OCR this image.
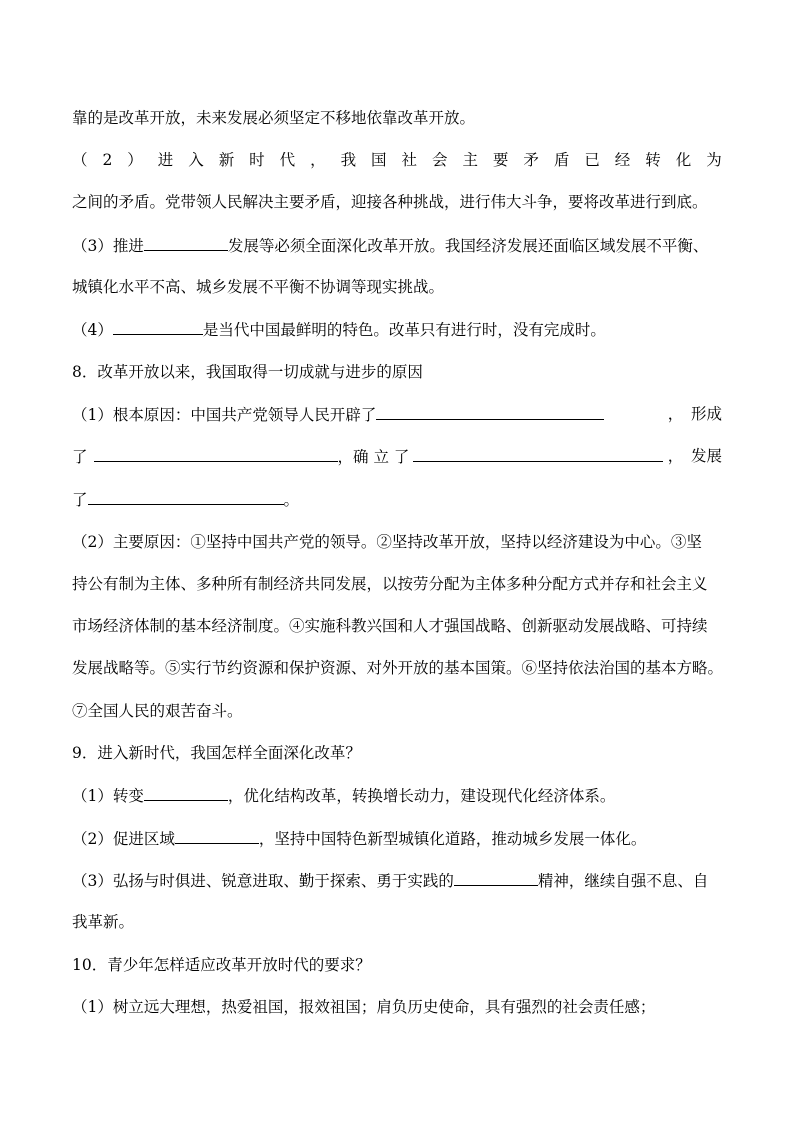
靠的是改革开放，未来发展必须坚定不移地依靠改革开放。
（ 2 ） 进 入 新 时 代 ， 我 国 社 会 主 要 矛 盾 已 经 转 化 为
之间的矛盾。党带领人民解决主要矛盾，迎接各种挑战，进行伟大斗争，要将改革进行到底。
（3）推进	发展等必须全面深化改革开放。我国经济发展还面临区域发展不平衡、
城镇化水平不高、城乡发展不平衡不协调等现实挑战。
（4）	是当代中国最鲜明的特色。改革只有进行时，没有完成时。
8．改革开放以来，我国取得一切成就与进步的原因
（1）根本原因：中国共产党领导人民开辟了	，　形成
了	，确 立 了	，　发展
了	。
（2）主要原因：①坚持中国共产党的领导。②坚持改革开放，坚持以经济建设为中心。③坚
持公有制为主体、多种所有制经济共同发展，以按劳分配为主体多种分配方式并存和社会主义
市场经济体制的基本经济制度。④实施科教兴国和人才强国战略、创新驱动发展战略、可持续
发展战略等。⑤实行节约资源和保护资源、对外开放的基本国策。⑥坚持依法治国的基本方略。
⑦全国人民的艰苦奋斗。
9．进入新时代，我国怎样全面深化改革？
（1）转变	，优化结构改革，转换增长动力，建设现代化经济体系。
（2）促进区域	，坚持中国特色新型城镇化道路，推动城乡发展一体化。
（3）弘扬与时俱进、锐意进取、勤于探索、勇于实践的	精神，继续自强不息、自
我革新。
10．青少年怎样适应改革开放时代的要求？
（1）树立远大理想，热爱祖国，报效祖国；肩负历史使命，具有强烈的社会责任感；
